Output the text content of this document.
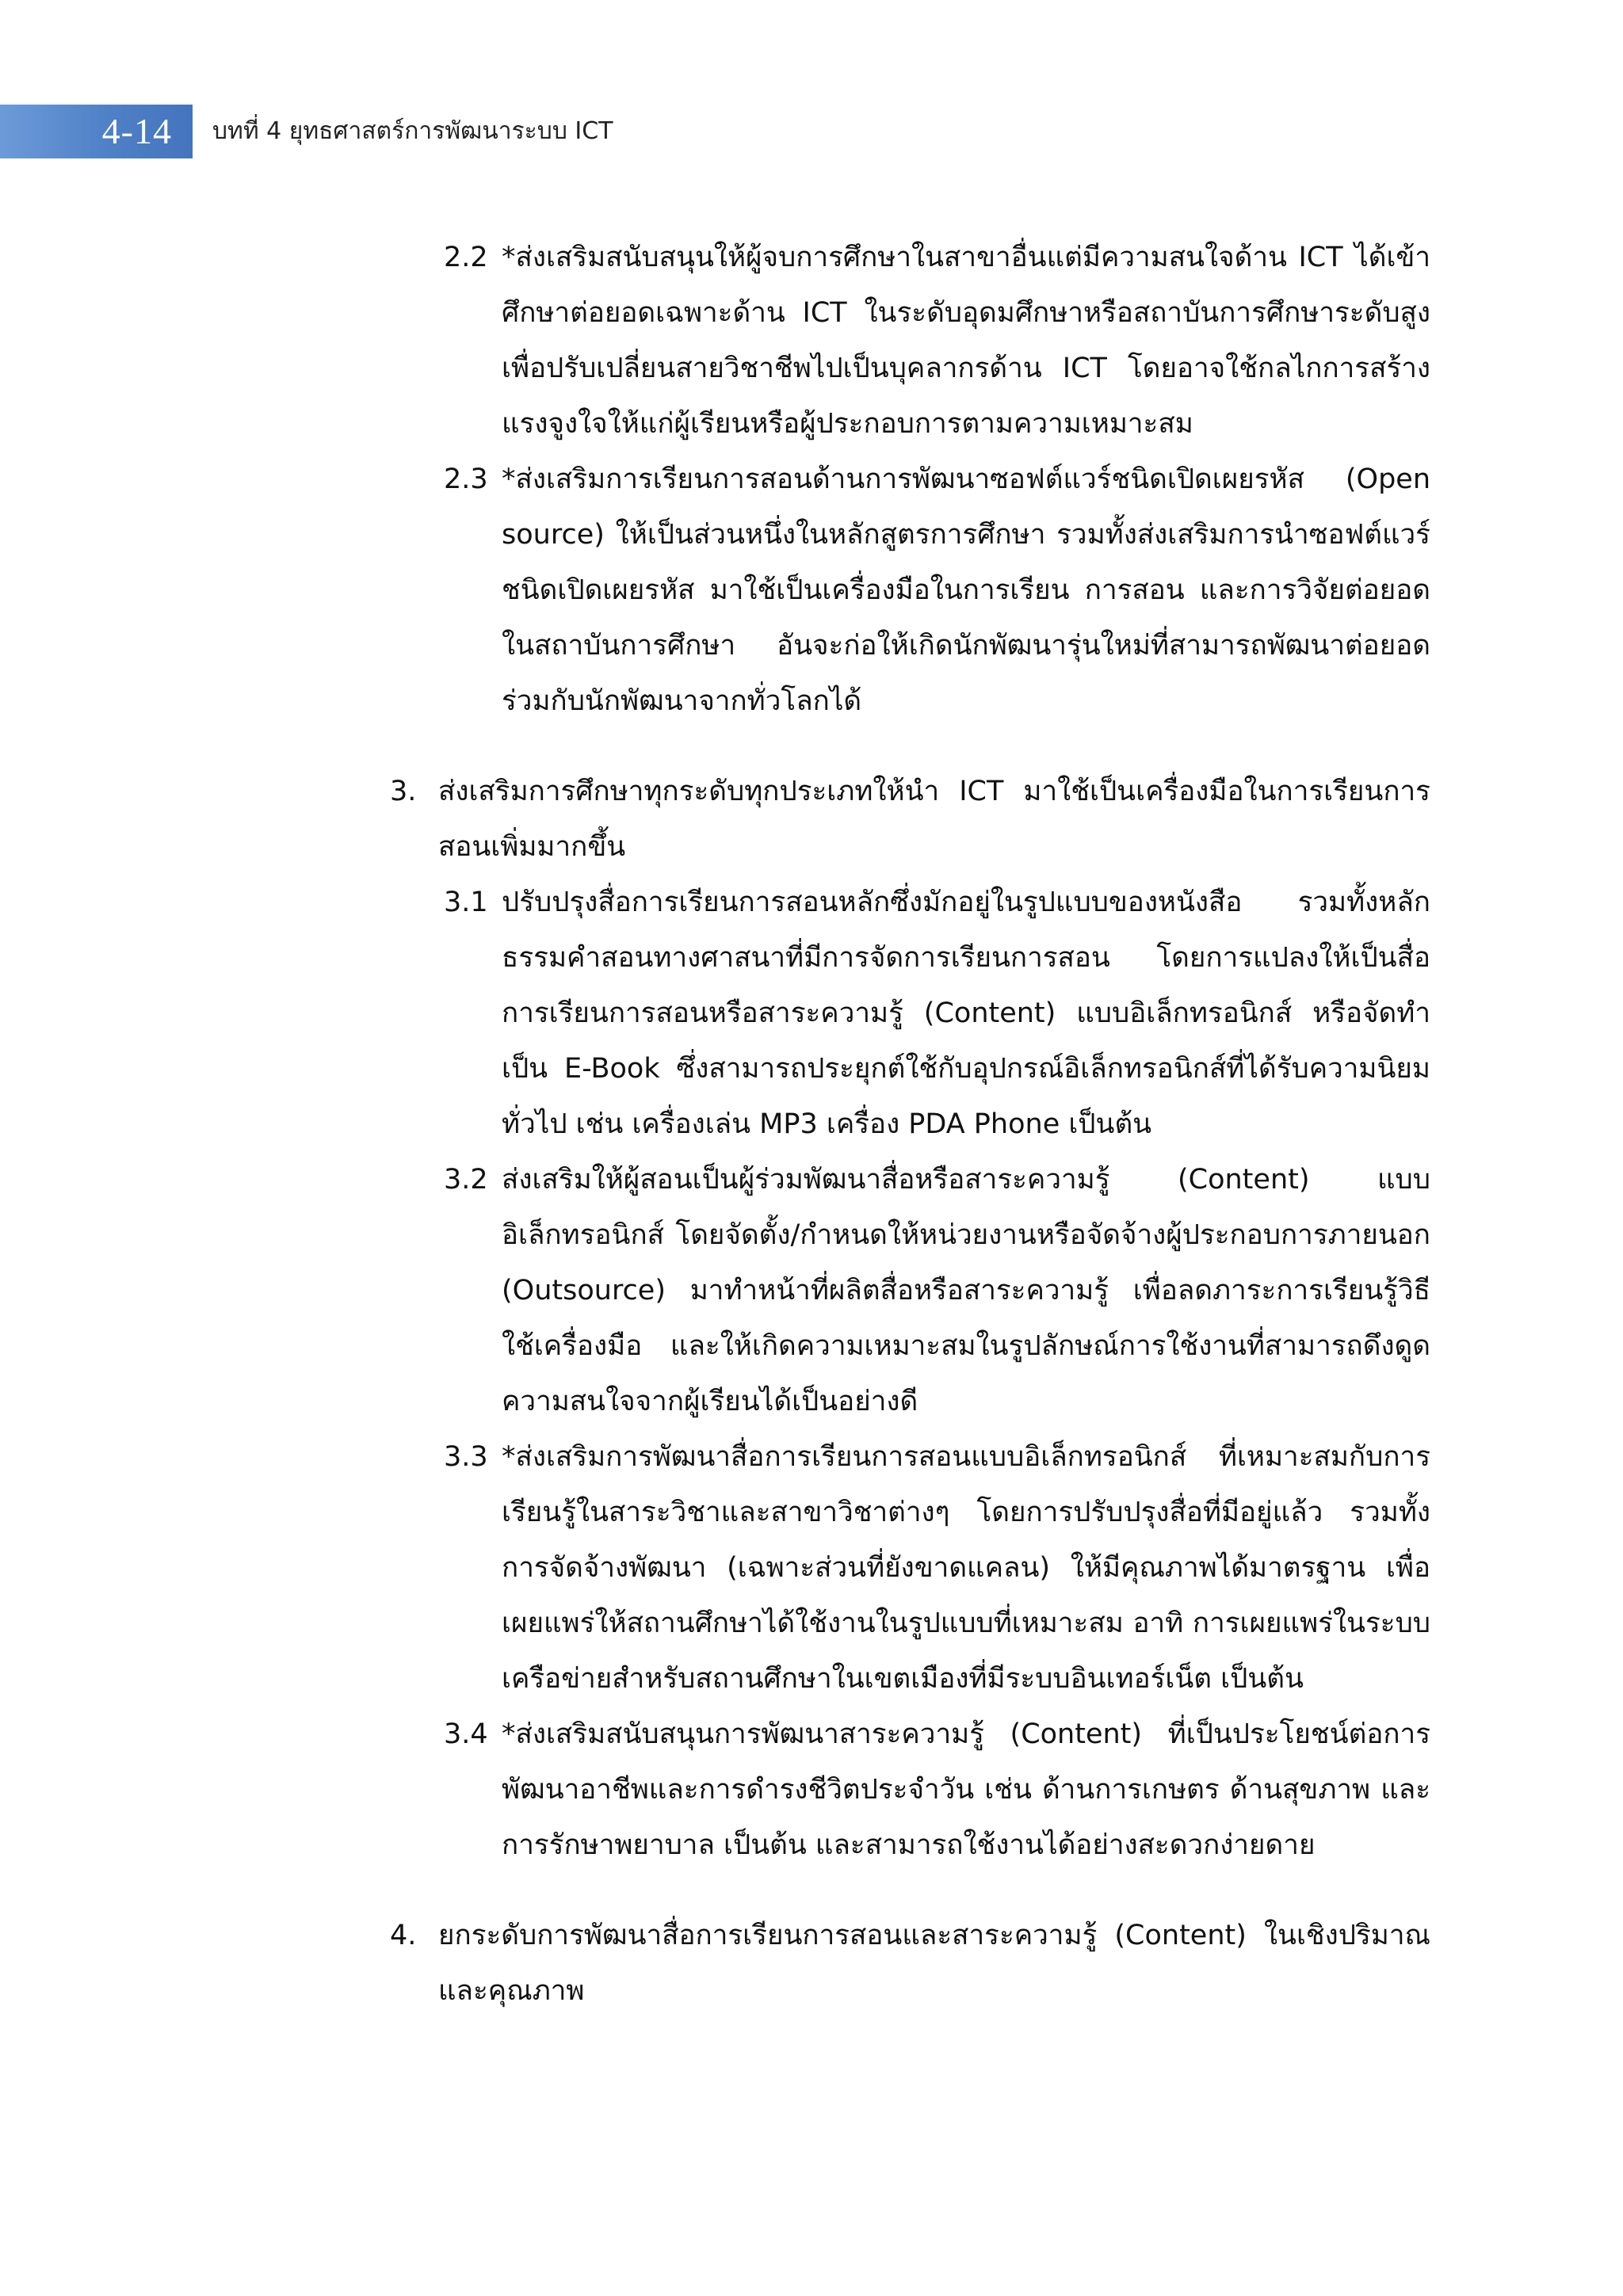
4-14 บทที่ 4 ยุทธศาสตร์การพัฒนาระบบ ICT
2.2 *ส่งเสริมสนับสนุนให้ผู้จบการศึกษาในสาขาอื่นแต่มีความสนใจด้าน ICT ได้เข้าศึกษาต่อยอดเฉพาะด้าน ICT ในระดับอุดมศึกษาหรือสถาบันการศึกษาระดับสูง เพื่อปรับเปลี่ยนสายวิชาชีพไปเป็นบุคลากรด้าน ICT โดยอาจใช้กลไกการสร้างแรงจูงใจให้แก่ผู้เรียนหรือผู้ประกอบการตามความเหมาะสม
2.3 *ส่งเสริมการเรียนการสอนด้านการพัฒนาซอฟต์แวร์ชนิดเปิดเผยรหัส (Open source) ให้เป็นส่วนหนึ่งในหลักสูตรการศึกษา รวมทั้งส่งเสริมการนำซอฟต์แวร์ชนิดเปิดเผยรหัส มาใช้เป็นเครื่องมือในการเรียน การสอน และการวิจัยต่อยอดในสถาบันการศึกษา อันจะก่อให้เกิดนักพัฒนารุ่นใหม่ที่สามารถพัฒนาต่อยอดร่วมกับนักพัฒนาจากทั่วโลกได้
3. ส่งเสริมการศึกษาทุกระดับทุกประเภทให้นำ ICT มาใช้เป็นเครื่องมือในการเรียนการสอนเพิ่มมากขึ้น
3.1 ปรับปรุงสื่อการเรียนการสอนหลักซึ่งมักอยู่ในรูปแบบของหนังสือ รวมทั้งหลักธรรมคำสอนทางศาสนาที่มีการจัดการเรียนการสอน โดยการแปลงให้เป็นสื่อการเรียนการสอนหรือสาระความรู้ (Content) แบบอิเล็กทรอนิกส์ หรือจัดทำเป็น E-Book ซึ่งสามารถประยุกต์ใช้กับอุปกรณ์อิเล็กทรอนิกส์ที่ได้รับความนิยมทั่วไป เช่น เครื่องเล่น MP3 เครื่อง PDA Phone เป็นต้น
3.2 ส่งเสริมให้ผู้สอนเป็นผู้ร่วมพัฒนาสื่อหรือสาระความรู้ (Content) แบบอิเล็กทรอนิกส์ โดยจัดตั้ง/กำหนดให้หน่วยงานหรือจัดจ้างผู้ประกอบการภายนอก (Outsource) มาทำหน้าที่ผลิตสื่อหรือสาระความรู้ เพื่อลดภาระการเรียนรู้วิธีใช้เครื่องมือ และให้เกิดความเหมาะสมในรูปลักษณ์การใช้งานที่สามารถดึงดูดความสนใจจากผู้เรียนได้เป็นอย่างดี
3.3 *ส่งเสริมการพัฒนาสื่อการเรียนการสอนแบบอิเล็กทรอนิกส์ ที่เหมาะสมกับการเรียนรู้ในสาระวิชาและสาขาวิชาต่างๆ โดยการปรับปรุงสื่อที่มีอยู่แล้ว รวมทั้งการจัดจ้างพัฒนา (เฉพาะส่วนที่ยังขาดแคลน) ให้มีคุณภาพได้มาตรฐาน เพื่อเผยแพร่ให้สถานศึกษาได้ใช้งานในรูปแบบที่เหมาะสม อาทิ การเผยแพร่ในระบบเครือข่ายสำหรับสถานศึกษาในเขตเมืองที่มีระบบอินเทอร์เน็ต เป็นต้น
3.4 *ส่งเสริมสนับสนุนการพัฒนาสาระความรู้ (Content) ที่เป็นประโยชน์ต่อการพัฒนาอาชีพและการดำรงชีวิตประจำวัน เช่น ด้านการเกษตร ด้านสุขภาพ และการรักษาพยาบาล เป็นต้น และสามารถใช้งานได้อย่างสะดวกง่ายดาย
4. ยกระดับการพัฒนาสื่อการเรียนการสอนและสาระความรู้ (Content) ในเชิงปริมาณและคุณภาพ
